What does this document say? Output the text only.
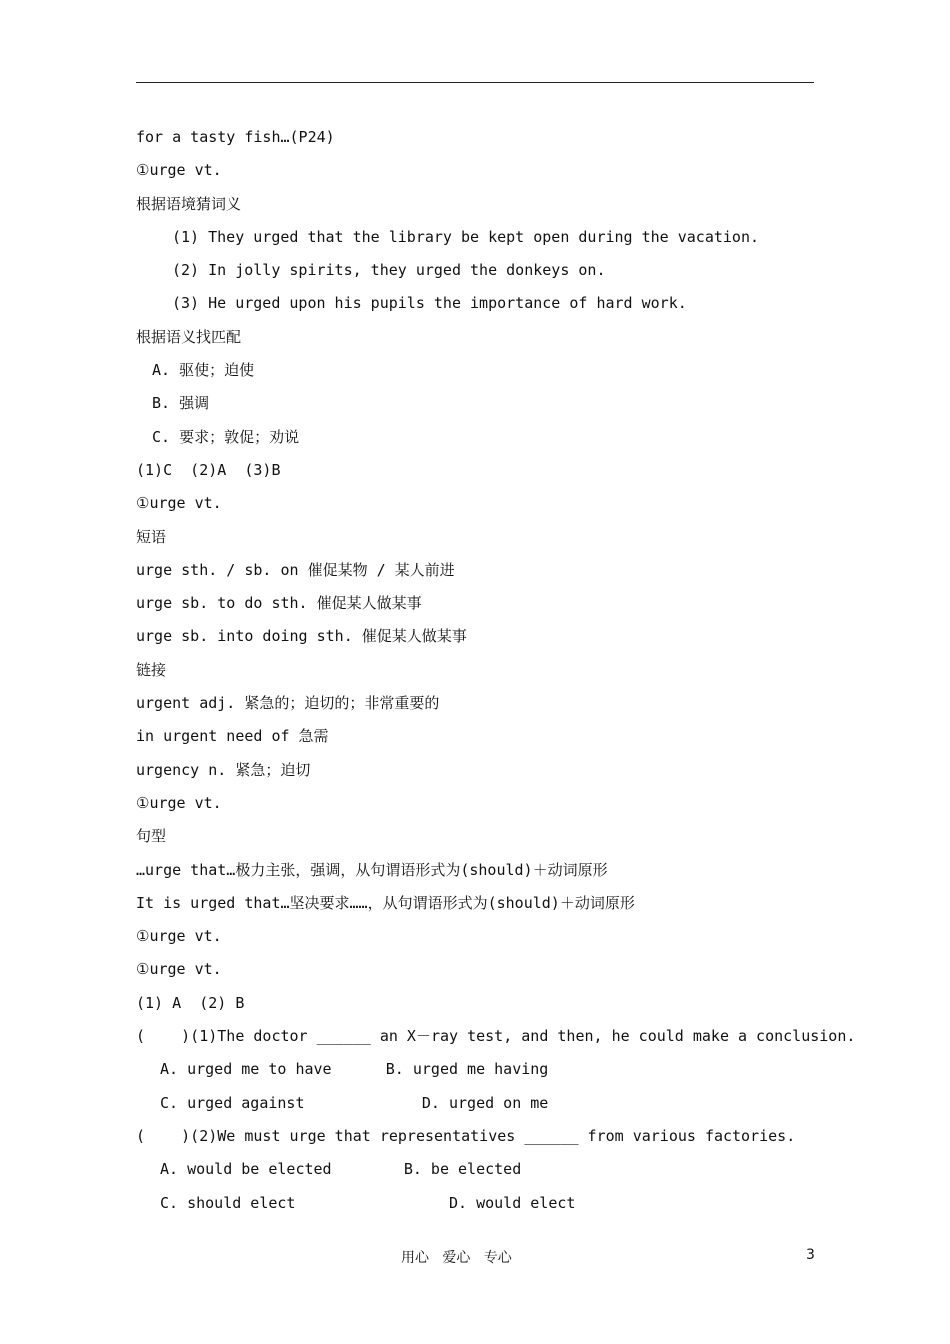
for a tasty fish…(P24)
①urge vt.
根据语境猜词义
(1) They urged that the library be kept open during the vacation.
(2) In jolly spirits, they urged the donkeys on.
(3) He urged upon his pupils the importance of hard work.
根据语义找匹配
A. 驱使；迫使
B. 强调
C. 要求；敦促；劝说
(1)C  (2)A  (3)B
①urge vt.
短语
urge sth. / sb. on 催促某物 / 某人前进
urge sb. to do sth. 催促某人做某事
urge sb. into doing sth. 催促某人做某事
链接
urgent adj. 紧急的；迫切的；非常重要的
in urgent need of 急需
urgency n. 紧急；迫切
①urge vt.
句型
…urge that…极力主张，强调，从句谓语形式为(should)＋动词原形
It is urged that…坚决要求……，从句谓语形式为(should)＋动词原形
①urge vt.
①urge vt.
(1) A  (2) B
(    )(1)The doctor ______ an X－ray test, and then, he could make a conclusion.
A. urged me to have      B. urged me having
C. urged against             D. urged on me
(    )(2)We must urge that representatives ______ from various factories.
A. would be elected        B. be elected
C. should elect                 D. would elect
用心   爱心   专心	3
